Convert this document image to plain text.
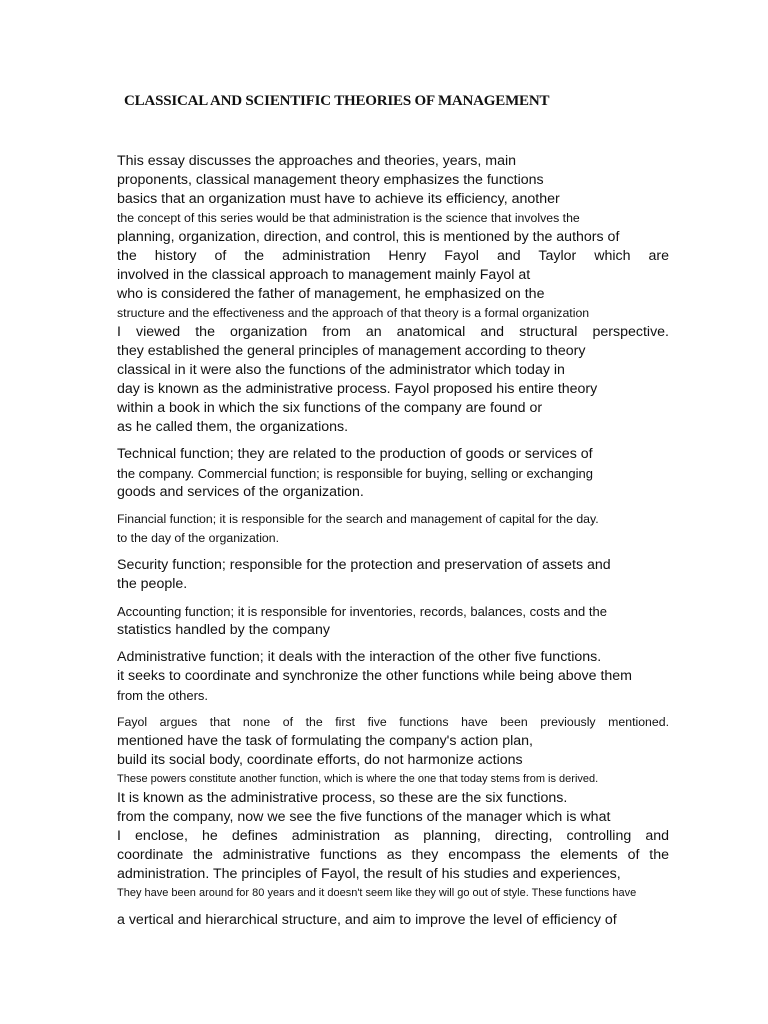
CLASSICAL AND SCIENTIFIC THEORIES OF MANAGEMENT
This essay discusses the approaches and theories, years, main
proponents, classical management theory emphasizes the functions
basics that an organization must have to achieve its efficiency, another
the concept of this series would be that administration is the science that involves the
planning, organization, direction, and control, this is mentioned by the authors of
the history of the administration Henry Fayol and Taylor which are
involved in the classical approach to management mainly Fayol at
who is considered the father of management, he emphasized on the
structure and the effectiveness and the approach of that theory is a formal organization
I viewed the organization from an anatomical and structural perspective.
they established the general principles of management according to theory
classical in it were also the functions of the administrator which today in
day is known as the administrative process. Fayol proposed his entire theory
within a book in which the six functions of the company are found or
as he called them, the organizations.
Technical function; they are related to the production of goods or services of
the company. Commercial function; is responsible for buying, selling or exchanging
goods and services of the organization.
Financial function; it is responsible for the search and management of capital for the day.
to the day of the organization.
Security function; responsible for the protection and preservation of assets and
the people.
Accounting function; it is responsible for inventories, records, balances, costs and the
statistics handled by the company
Administrative function; it deals with the interaction of the other five functions.
it seeks to coordinate and synchronize the other functions while being above them
from the others.
Fayol argues that none of the first five functions have been previously mentioned.
mentioned have the task of formulating the company's action plan,
build its social body, coordinate efforts, do not harmonize actions
These powers constitute another function, which is where the one that today stems from is derived.
It is known as the administrative process, so these are the six functions.
from the company, now we see the five functions of the manager which is what
I enclose, he defines administration as planning, directing, controlling and
coordinate the administrative functions as they encompass the elements of the
administration. The principles of Fayol, the result of his studies and experiences,
They have been around for 80 years and it doesn't seem like they will go out of style. These functions have
a vertical and hierarchical structure, and aim to improve the level of efficiency of
